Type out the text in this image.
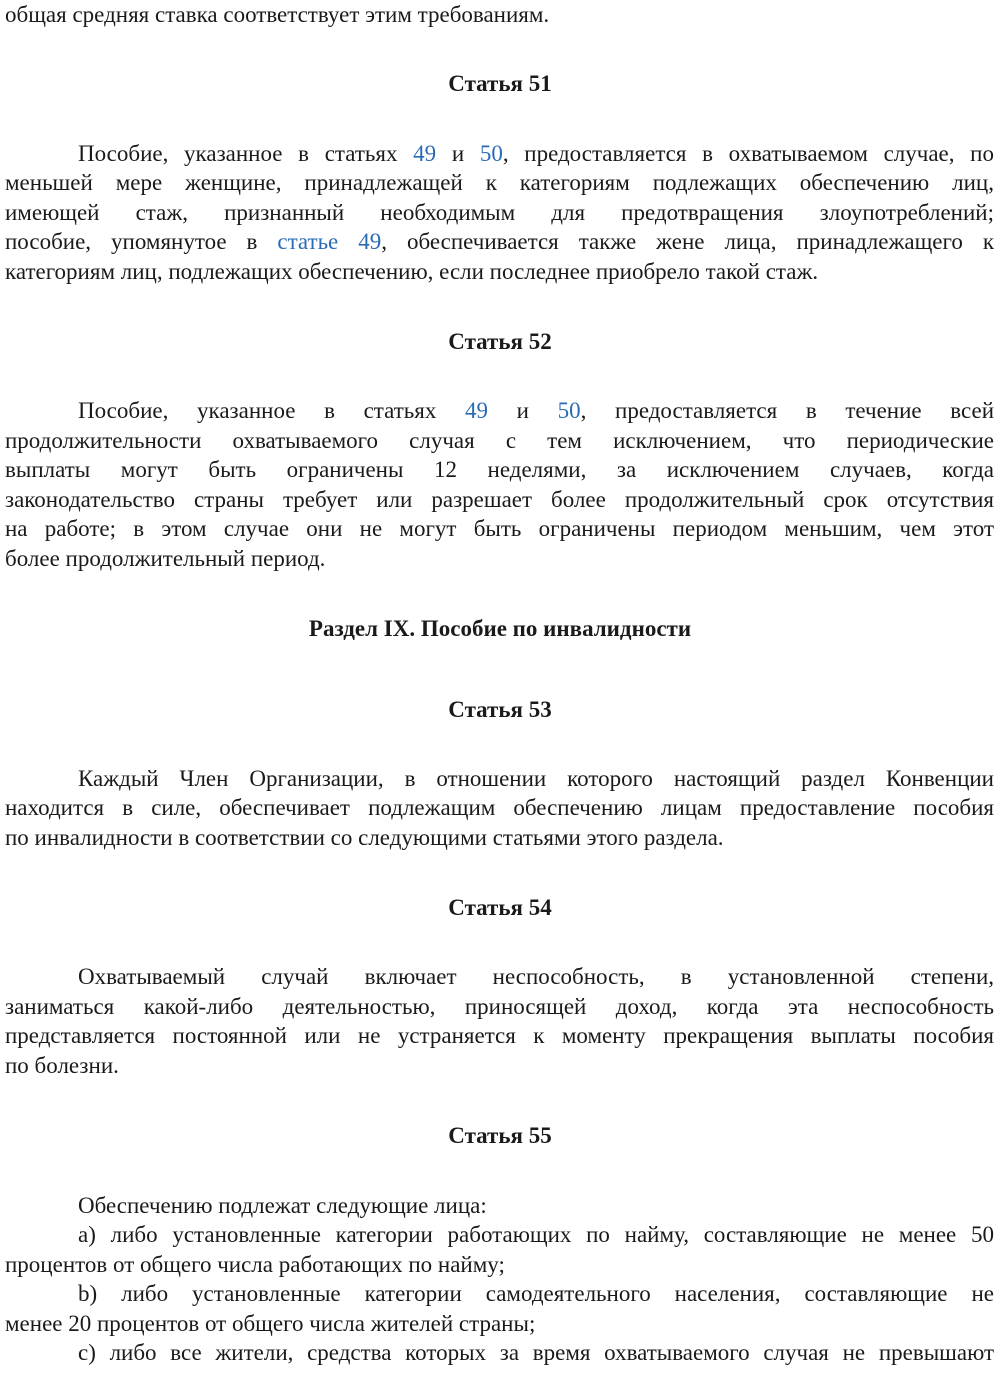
общая средняя ставка соответствует этим требованиям.

Статья 51

Пособие, указанное в статьях 49 и 50, предоставляется в охватываемом случае, по

меньшей мере женщине, принадлежащей к категориям подлежащих обеспечению лиц,

имеющей стаж, признанный необходимым для предотвращения злоупотреблений;

пособие, упомянутое в статье 49, обеспечивается также жене лица, принадлежащего к

категориям лиц, подлежащих обеспечению, если последнее приобрело такой стаж.

Статья 52

Пособие, указанное в статьях 49 и 50, предоставляется в течение всей

продолжительности охватываемого случая с тем исключением, что периодические

выплаты могут быть ограничены 12 неделями, за исключением случаев, когда

законодательство страны требует или разрешает более продолжительный срок отсутствия

на работе; в этом случае они не могут быть ограничены периодом меньшим, чем этот

более продолжительный период.

Раздел IX. Пособие по инвалидности

Статья 53

Каждый Член Организации, в отношении которого настоящий раздел Конвенции

находится в силе, обеспечивает подлежащим обеспечению лицам предоставление пособия

по инвалидности в соответствии со следующими статьями этого раздела.

Статья 54

Охватываемый случай включает неспособность, в установленной степени,

заниматься какой-либо деятельностью, приносящей доход, когда эта неспособность

представляется постоянной или не устраняется к моменту прекращения выплаты пособия

по болезни.

Статья 55

Обеспечению подлежат следующие лица:

а) либо установленные категории работающих по найму, составляющие не менее 50

процентов от общего числа работающих по найму;

b) либо установленные категории самодеятельного населения, составляющие не

менее 20 процентов от общего числа жителей страны;

с) либо все жители, средства которых за время охватываемого случая не превышают
